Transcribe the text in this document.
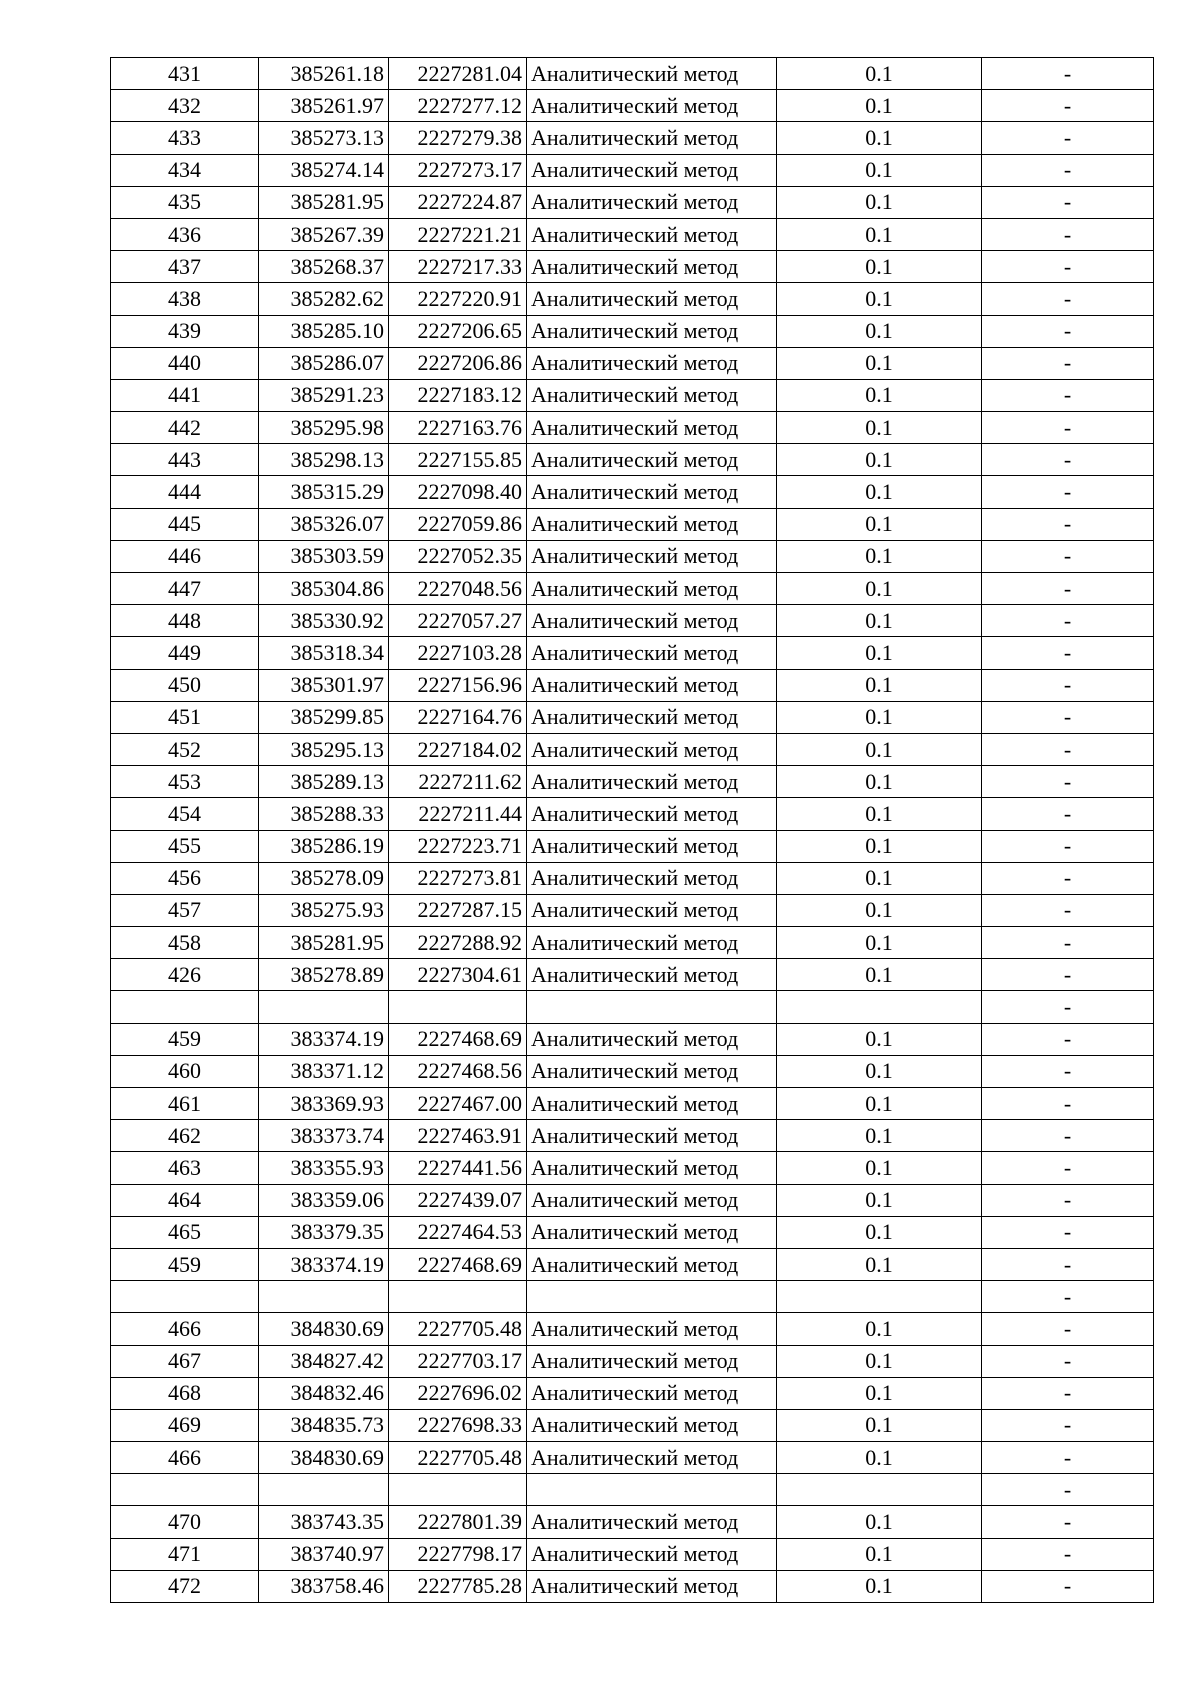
431	385261.18	2227281.04	Аналитический метод	0.1	-
432	385261.97	2227277.12	Аналитический метод	0.1	-
433	385273.13	2227279.38	Аналитический метод	0.1	-
434	385274.14	2227273.17	Аналитический метод	0.1	-
435	385281.95	2227224.87	Аналитический метод	0.1	-
436	385267.39	2227221.21	Аналитический метод	0.1	-
437	385268.37	2227217.33	Аналитический метод	0.1	-
438	385282.62	2227220.91	Аналитический метод	0.1	-
439	385285.10	2227206.65	Аналитический метод	0.1	-
440	385286.07	2227206.86	Аналитический метод	0.1	-
441	385291.23	2227183.12	Аналитический метод	0.1	-
442	385295.98	2227163.76	Аналитический метод	0.1	-
443	385298.13	2227155.85	Аналитический метод	0.1	-
444	385315.29	2227098.40	Аналитический метод	0.1	-
445	385326.07	2227059.86	Аналитический метод	0.1	-
446	385303.59	2227052.35	Аналитический метод	0.1	-
447	385304.86	2227048.56	Аналитический метод	0.1	-
448	385330.92	2227057.27	Аналитический метод	0.1	-
449	385318.34	2227103.28	Аналитический метод	0.1	-
450	385301.97	2227156.96	Аналитический метод	0.1	-
451	385299.85	2227164.76	Аналитический метод	0.1	-
452	385295.13	2227184.02	Аналитический метод	0.1	-
453	385289.13	2227211.62	Аналитический метод	0.1	-
454	385288.33	2227211.44	Аналитический метод	0.1	-
455	385286.19	2227223.71	Аналитический метод	0.1	-
456	385278.09	2227273.81	Аналитический метод	0.1	-
457	385275.93	2227287.15	Аналитический метод	0.1	-
458	385281.95	2227288.92	Аналитический метод	0.1	-
426	385278.89	2227304.61	Аналитический метод	0.1	-
					-
459	383374.19	2227468.69	Аналитический метод	0.1	-
460	383371.12	2227468.56	Аналитический метод	0.1	-
461	383369.93	2227467.00	Аналитический метод	0.1	-
462	383373.74	2227463.91	Аналитический метод	0.1	-
463	383355.93	2227441.56	Аналитический метод	0.1	-
464	383359.06	2227439.07	Аналитический метод	0.1	-
465	383379.35	2227464.53	Аналитический метод	0.1	-
459	383374.19	2227468.69	Аналитический метод	0.1	-
					-
466	384830.69	2227705.48	Аналитический метод	0.1	-
467	384827.42	2227703.17	Аналитический метод	0.1	-
468	384832.46	2227696.02	Аналитический метод	0.1	-
469	384835.73	2227698.33	Аналитический метод	0.1	-
466	384830.69	2227705.48	Аналитический метод	0.1	-
					-
470	383743.35	2227801.39	Аналитический метод	0.1	-
471	383740.97	2227798.17	Аналитический метод	0.1	-
472	383758.46	2227785.28	Аналитический метод	0.1	-
